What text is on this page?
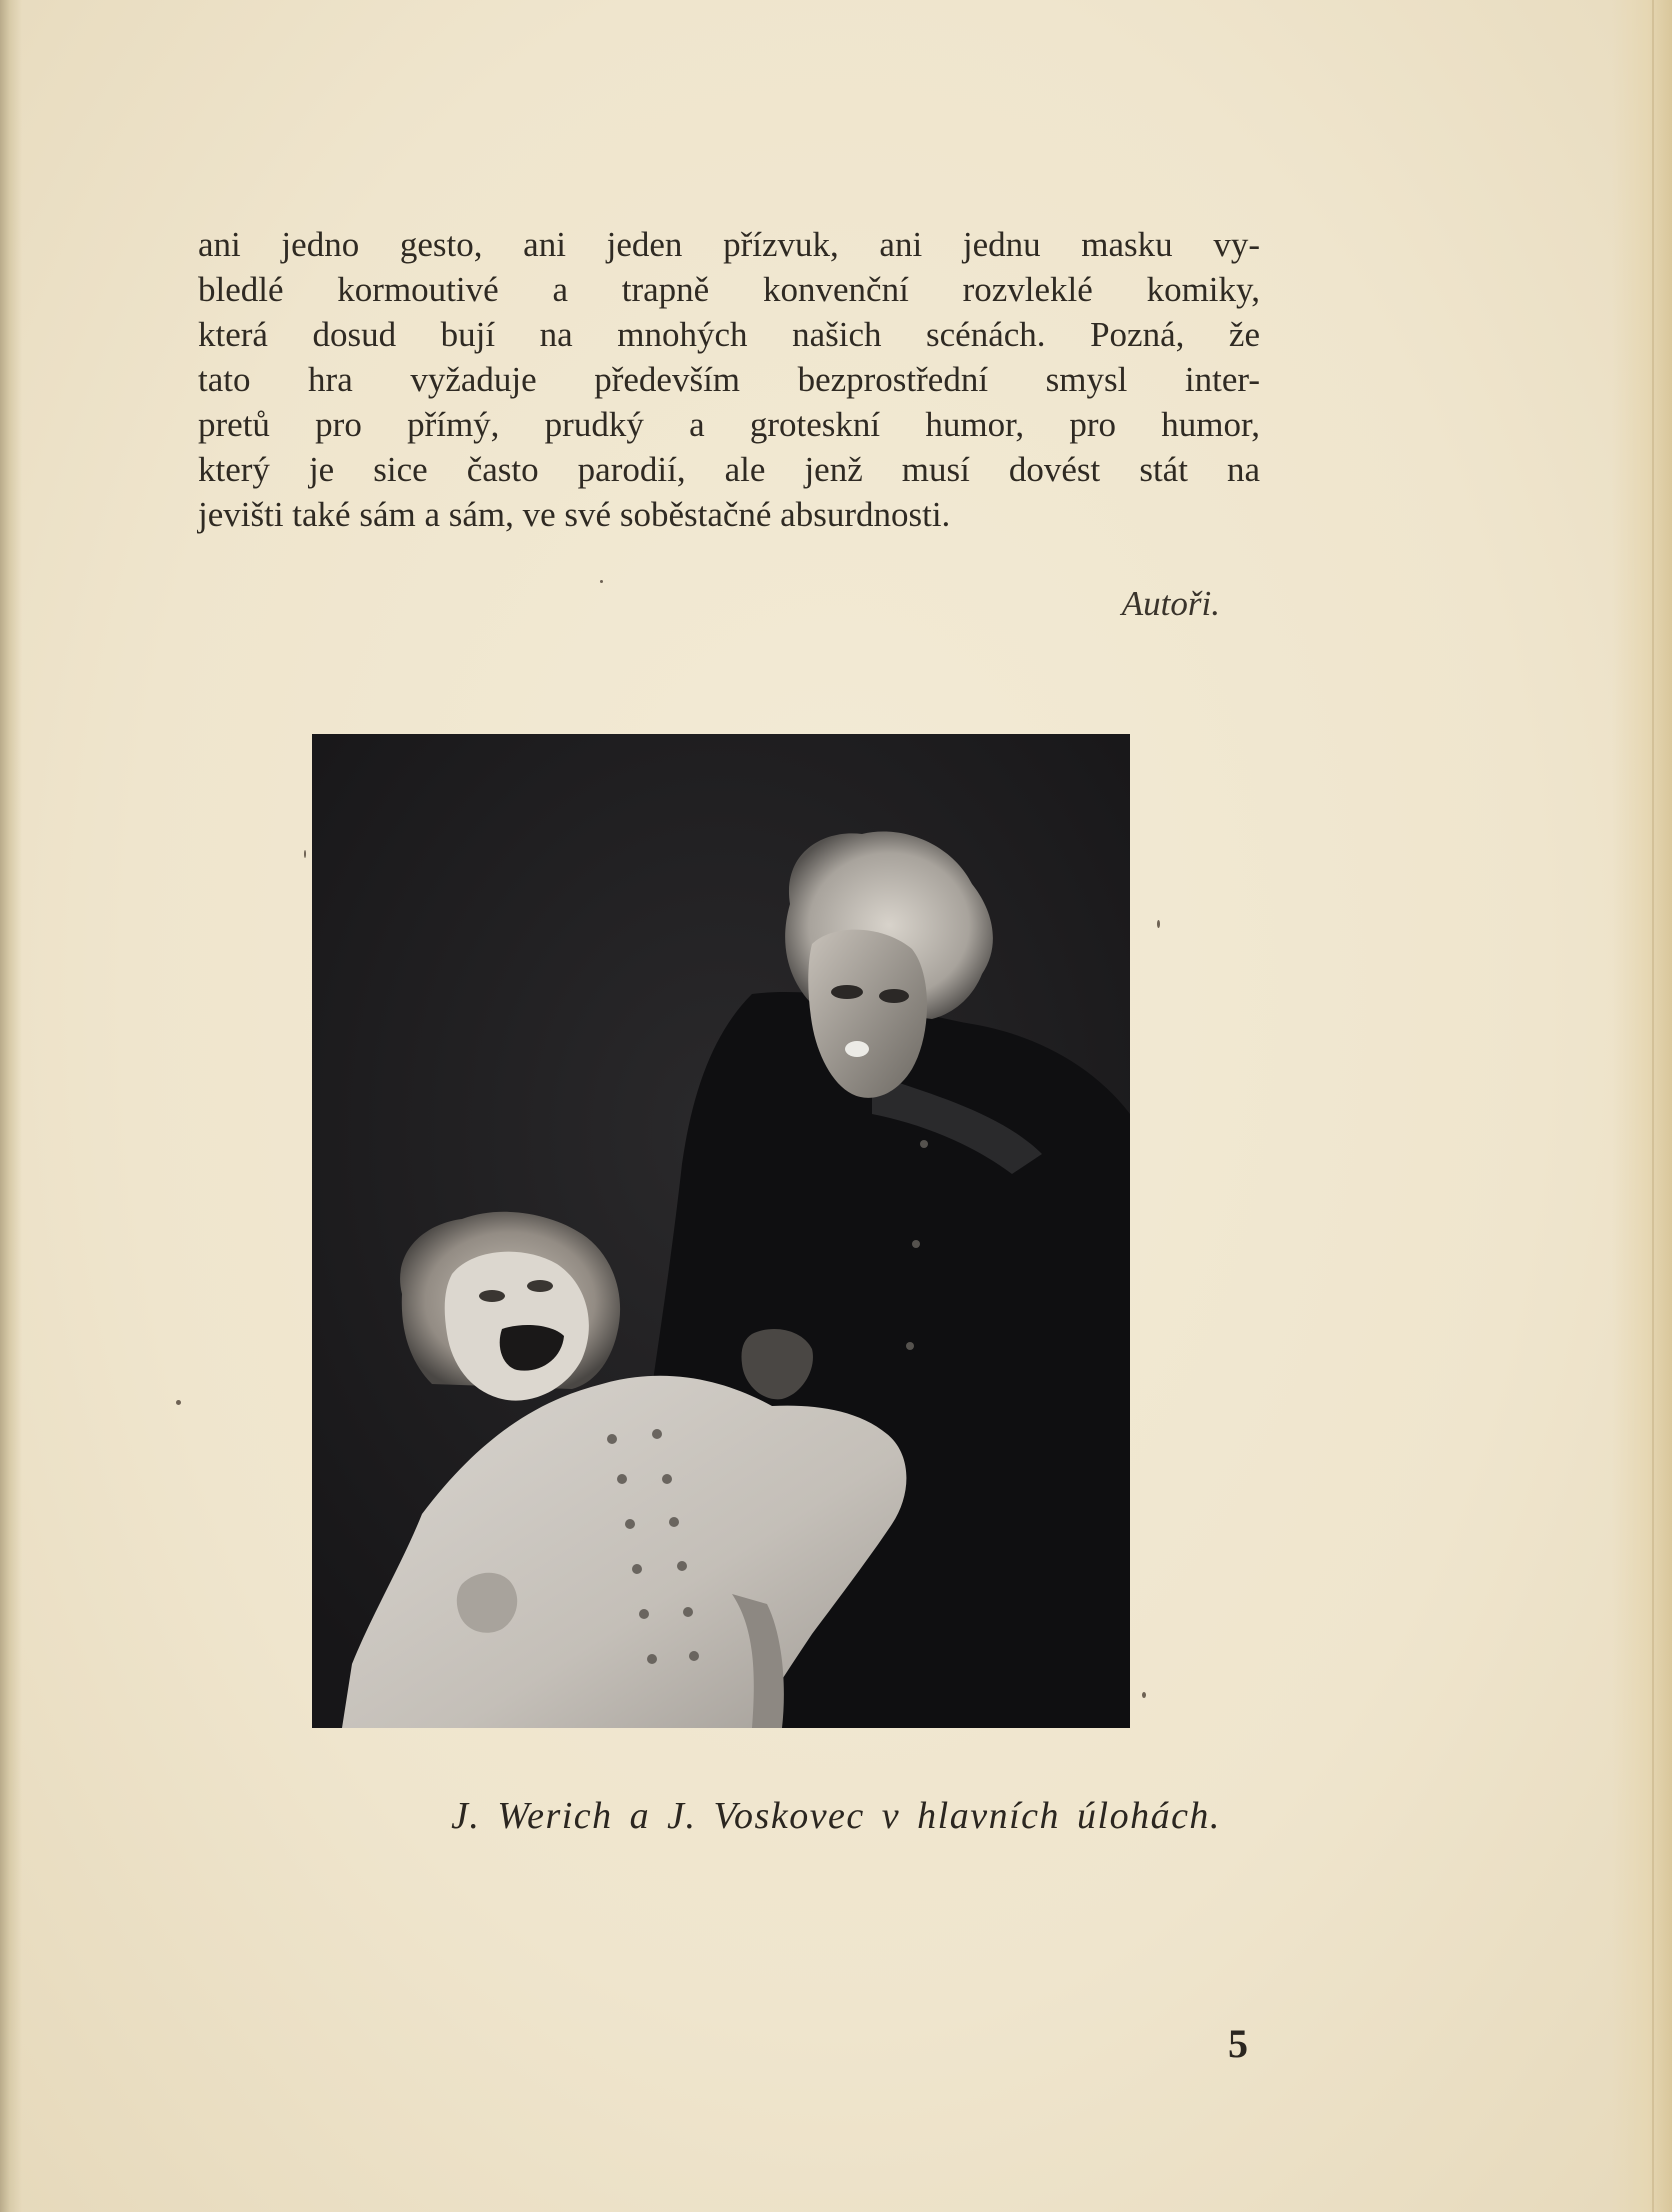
ani jedno gesto, ani jeden přízvuk, ani jednu masku vy-
bledlé kormoutivé a trapně konvenční rozvleklé komiky,
která dosud bují na mnohých našich scénách. Pozná, že
tato hra vyžaduje především bezprostřední smysl inter-
pretů pro přímý, prudký a groteskní humor, pro humor,
který je sice často parodií, ale jenž musí dovést stát na
jevišti také sám a sám, ve své soběstačné absurdnosti.
Autoři.
J. Werich a J. Voskovec v hlavních úlohách.
5
